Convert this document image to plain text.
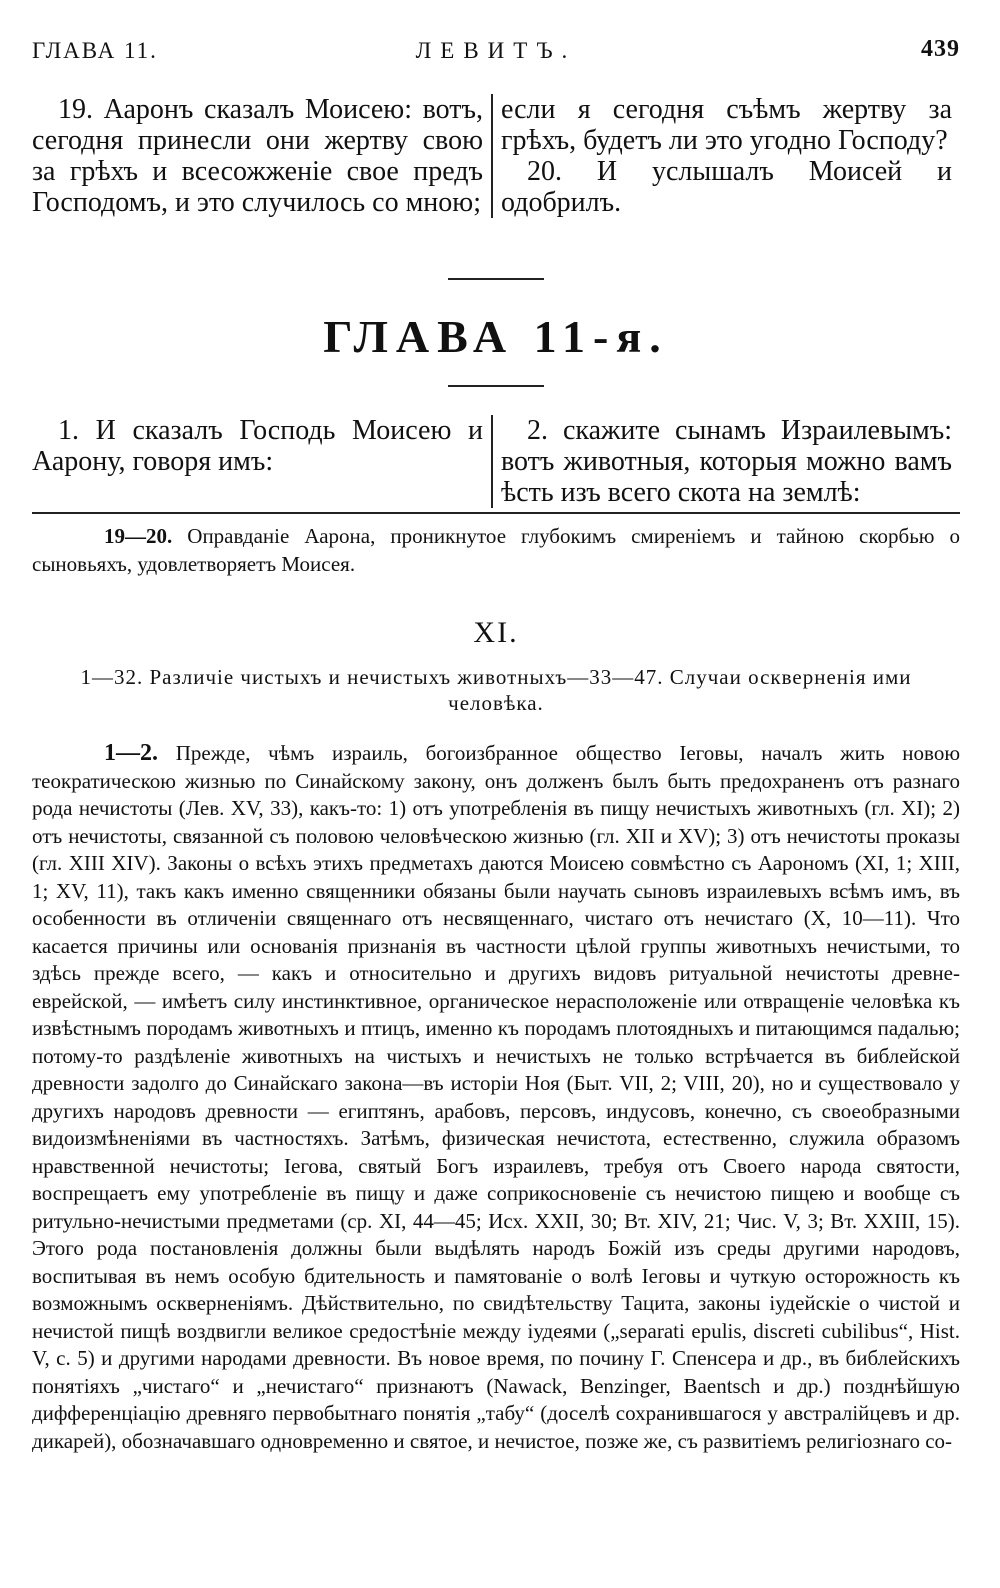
ГЛАВА 11.	ЛЕВИТЪ.	439

19. Ааронъ сказалъ Моисею: вотъ, сегодня принесли они жертву свою за грѣхъ и всесожженіе свое предъ Господомъ, и это случилось со мною;

если я сегодня съѣмъ жертву за грѣхъ, будетъ ли это угодно Господу?

20. И услышалъ Моисей и одобрилъ.

ГЛАВА 11-я.

1. И сказалъ Господь Моисею и Аарону, говоря имъ:

2. скажите сынамъ Израилевымъ: вотъ животныя, которыя можно вамъ ѣсть изъ всего скота на землѣ:

19—20. Оправданіе Аарона, проникнутое глубокимъ смиреніемъ и тайною скорбью о сыновьяхъ, удовлетворяетъ Моисея.

XI.

1—32. Различіе чистыхъ и нечистыхъ животныхъ—33—47. Случаи оскверненія ими человѣка.

1—2. Прежде, чѣмъ израиль, богоизбранное общество Іеговы, началъ жить новою теократическою жизнью по Синайскому закону, онъ долженъ былъ быть предохраненъ отъ разнаго рода нечистоты (Лев. XV, 33), какъ-то: 1) отъ употребленія въ пищу нечистыхъ животныхъ (гл. XI); 2) отъ нечистоты, связанной съ половою человѣческою жизнью (гл. XII и XV); 3) отъ нечистоты проказы (гл. XIII XIV). Законы о всѣхъ этихъ предметахъ даются Моисею совмѣстно съ Аарономъ (XI, 1; XIII, 1; XV, 11), такъ какъ именно священники обязаны были научать сыновъ израилевыхъ всѣмъ имъ, въ особенности въ отличеніи священнаго отъ несвященнаго, чистаго отъ нечистаго (X, 10—11). Что касается причины или основанія признанія въ частности цѣлой группы животныхъ нечистыми, то здѣсь прежде всего, — какъ и относительно и другихъ видовъ ритуальной нечистоты древне-еврейской, — имѣетъ силу инстинктивное, органическое нерасположеніе или отвращеніе человѣка къ извѣстнымъ породамъ животныхъ и птицъ, именно къ породамъ плотоядныхъ и питающимся падалью; потому-то раздѣленіе животныхъ на чистыхъ и нечистыхъ не только встрѣчается въ библейской древности задолго до Синайскаго закона—въ исторіи Ноя (Быт. VII, 2; VIII, 20), но и существовало у другихъ народовъ древности — египтянъ, арабовъ, персовъ, индусовъ, конечно, съ своеобразными видоизмѣненіями въ частностяхъ. Затѣмъ, физическая нечистота, естественно, служила образомъ нравственной нечистоты; Іегова, святый Богъ израилевъ, требуя отъ Своего народа святости, воспрещаетъ ему употребленіе въ пищу и даже соприкосновеніе съ нечистою пищею и вообще съ ритульно-нечистыми предметами (ср. XI, 44—45; Исх. XXII, 30; Вт. XIV, 21; Чис. V, 3; Вт. XXIII, 15). Этого рода постановленія должны были выдѣлять народъ Божій изъ среды другими народовъ, воспитывая въ немъ особую бдительность и памятованіе о волѣ Іеговы и чуткую осторожность къ возможнымъ оскверненіямъ. Дѣйствительно, по свидѣтельству Тацита, законы іудейскіе о чистой и нечистой пищѣ воздвигли великое средостѣніе между іудеями („separati epulis, discreti cubilibus“, Hist. V, c. 5) и другими народами древности. Въ новое время, по почину Г. Спенсера и др., въ библейскихъ понятіяхъ „чистаго“ и „нечистаго“ признаютъ (Nawack, Benzinger, Baentsch и др.) позднѣйшую дифференціацію древняго первобытнаго понятія „табу“ (доселѣ сохранившагося у австралійцевъ и др. дикарей), обозначавшаго одновременно и святое, и нечистое, позже же, съ развитіемъ религіознаго со-
